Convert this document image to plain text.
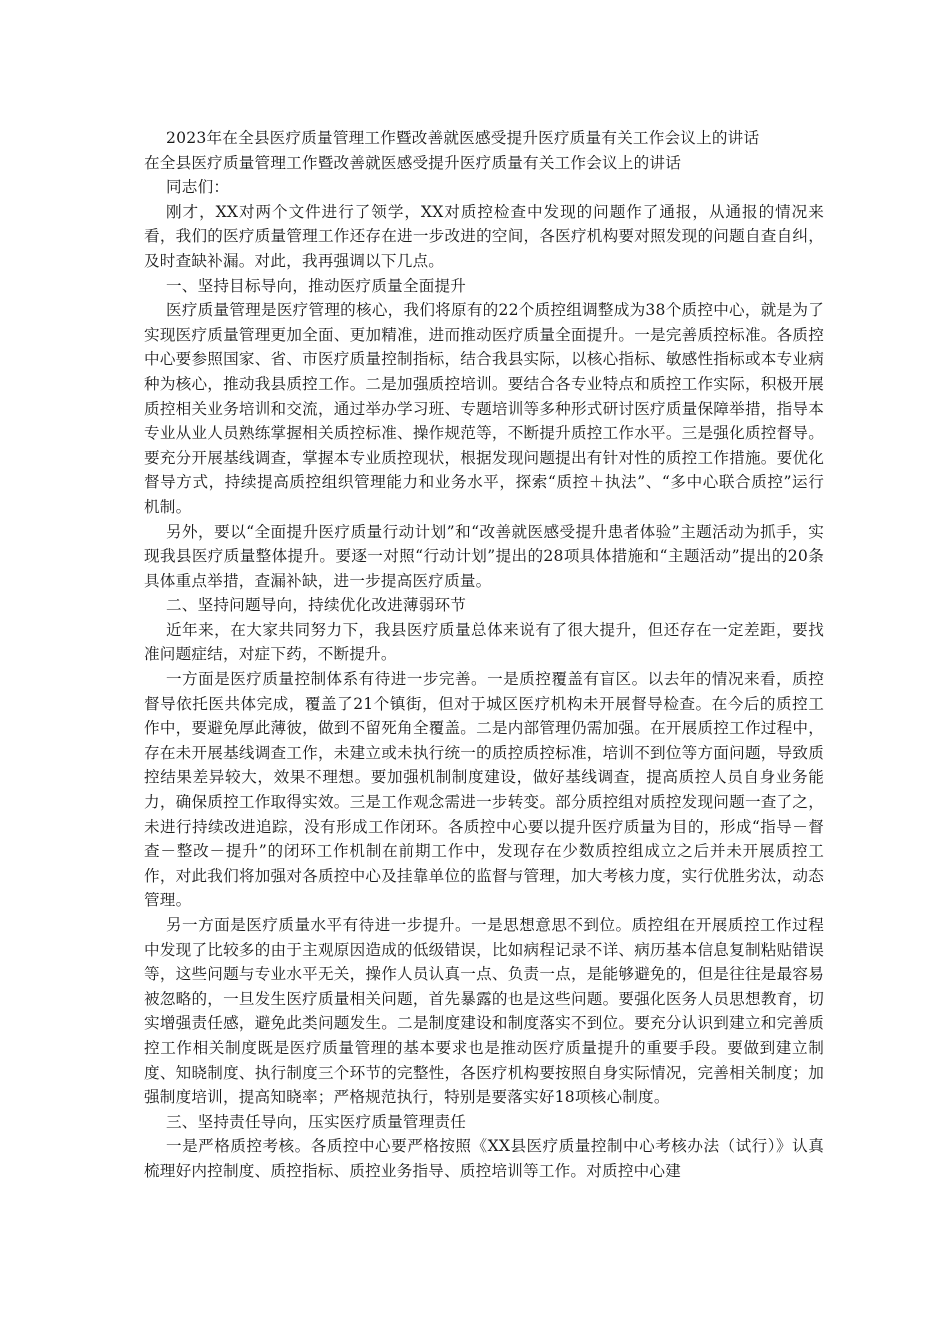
2023年在全县医疗质量管理工作暨改善就医感受提升医疗质量有关工作会议上的讲话

在全县医疗质量管理工作暨改善就医感受提升医疗质量有关工作会议上的讲话

同志们：

刚才，XX对两个文件进行了领学，XX对质控检查中发现的问题作了通报，从通报的情况来看，我们的医疗质量管理工作还存在进一步改进的空间，各医疗机构要对照发现的问题自查自纠，及时查缺补漏。对此，我再强调以下几点。

一、坚持目标导向，推动医疗质量全面提升

医疗质量管理是医疗管理的核心，我们将原有的22个质控组调整成为38个质控中心，就是为了实现医疗质量管理更加全面、更加精准，进而推动医疗质量全面提升。一是完善质控标准。各质控中心要参照国家、省、市医疗质量控制指标，结合我县实际，以核心指标、敏感性指标或本专业病种为核心，推动我县质控工作。二是加强质控培训。要结合各专业特点和质控工作实际，积极开展质控相关业务培训和交流，通过举办学习班、专题培训等多种形式研讨医疗质量保障举措，指导本专业从业人员熟练掌握相关质控标准、操作规范等，不断提升质控工作水平。三是强化质控督导。要充分开展基线调查，掌握本专业质控现状，根据发现问题提出有针对性的质控工作措施。要优化督导方式，持续提高质控组织管理能力和业务水平，探索“质控＋执法”、“多中心联合质控”运行机制。

另外，要以“全面提升医疗质量行动计划”和“改善就医感受提升患者体验”主题活动为抓手，实现我县医疗质量整体提升。要逐一对照“行动计划”提出的28项具体措施和“主题活动”提出的20条具体重点举措，查漏补缺，进一步提高医疗质量。

二、坚持问题导向，持续优化改进薄弱环节

近年来，在大家共同努力下，我县医疗质量总体来说有了很大提升，但还存在一定差距，要找准问题症结，对症下药，不断提升。

一方面是医疗质量控制体系有待进一步完善。一是质控覆盖有盲区。以去年的情况来看，质控督导依托医共体完成，覆盖了21个镇街，但对于城区医疗机构未开展督导检查。在今后的质控工作中，要避免厚此薄彼，做到不留死角全覆盖。二是内部管理仍需加强。在开展质控工作过程中，存在未开展基线调查工作，未建立或未执行统一的质控质控标准，培训不到位等方面问题，导致质控结果差异较大，效果不理想。要加强机制制度建设，做好基线调查，提高质控人员自身业务能力，确保质控工作取得实效。三是工作观念需进一步转变。部分质控组对质控发现问题一查了之，未进行持续改进追踪，没有形成工作闭环。各质控中心要以提升医疗质量为目的，形成“指导－督查－整改－提升”的闭环工作机制在前期工作中，发现存在少数质控组成立之后并未开展质控工作，对此我们将加强对各质控中心及挂靠单位的监督与管理，加大考核力度，实行优胜劣汰，动态管理。

另一方面是医疗质量水平有待进一步提升。一是思想意思不到位。质控组在开展质控工作过程中发现了比较多的由于主观原因造成的低级错误，比如病程记录不详、病历基本信息复制粘贴错误等，这些问题与专业水平无关，操作人员认真一点、负责一点，是能够避免的，但是往往是最容易被忽略的，一旦发生医疗质量相关问题，首先暴露的也是这些问题。要强化医务人员思想教育，切实增强责任感，避免此类问题发生。二是制度建设和制度落实不到位。要充分认识到建立和完善质控工作相关制度既是医疗质量管理的基本要求也是推动医疗质量提升的重要手段。要做到建立制度、知晓制度、执行制度三个环节的完整性，各医疗机构要按照自身实际情况，完善相关制度；加强制度培训，提高知晓率；严格规范执行，特别是要落实好18项核心制度。

三、坚持责任导向，压实医疗质量管理责任

一是严格质控考核。各质控中心要严格按照《XX县医疗质量控制中心考核办法（试行）》认真梳理好内控制度、质控指标、质控业务指导、质控培训等工作。对质控中心建
